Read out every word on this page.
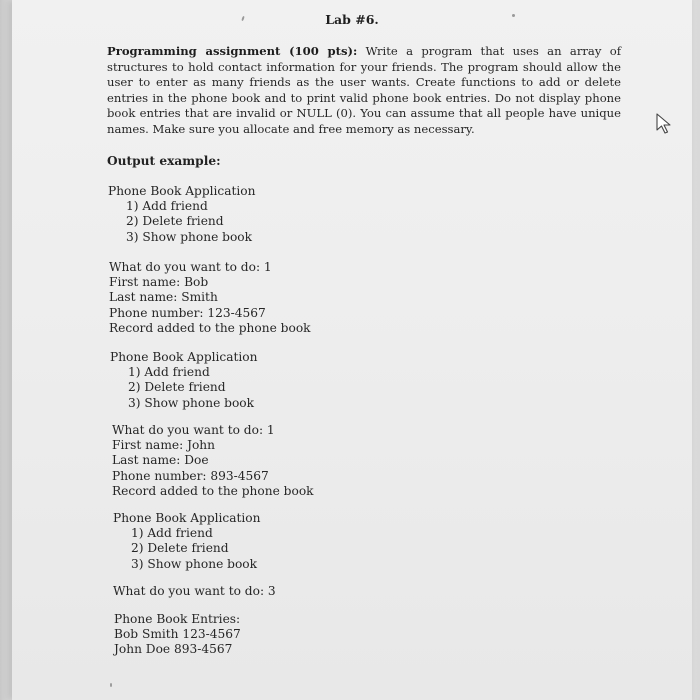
Lab #6.
Programming assignment (100 pts): Write a program that uses an array of structures to hold contact information for your friends. The program should allow the user to enter as many friends as the user wants. Create functions to add or delete entries in the phone book and to print valid phone book entries. Do not display phone book entries that are invalid or NULL (0). You can assume that all people have unique names. Make sure you allocate and free memory as necessary.
Output example:
Phone Book Application
1) Add friend
2) Delete friend
3) Show phone book
What do you want to do: 1
First name: Bob
Last name: Smith
Phone number: 123-4567
Record added to the phone book
Phone Book Application
1) Add friend
2) Delete friend
3) Show phone book
What do you want to do: 1
First name: John
Last name: Doe
Phone number: 893-4567
Record added to the phone book
Phone Book Application
1) Add friend
2) Delete friend
3) Show phone book
What do you want to do: 3
Phone Book Entries:
Bob Smith 123-4567
John Doe 893-4567
